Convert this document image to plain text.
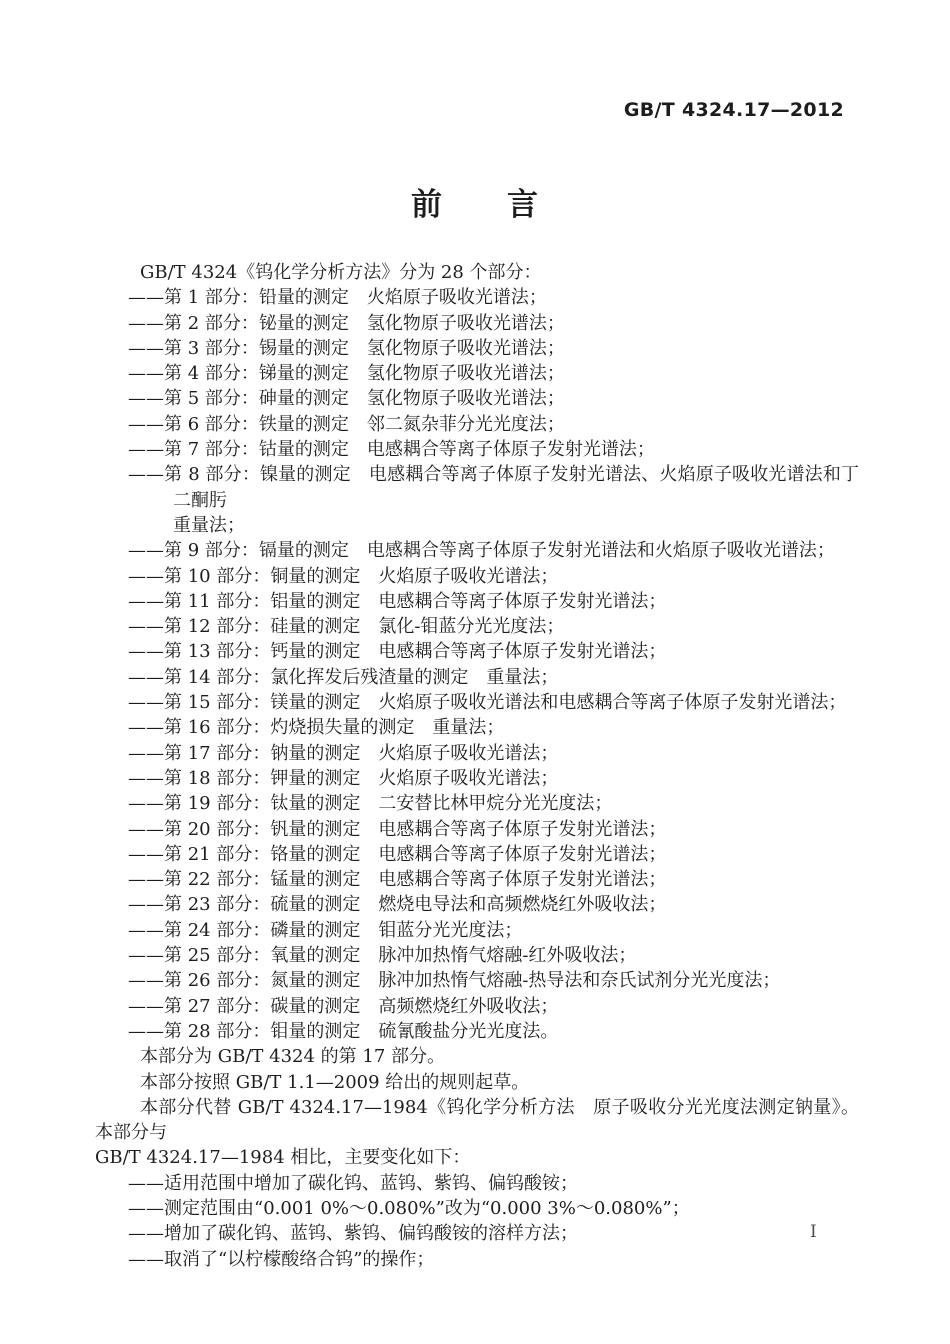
GB/T 4324.17—2012
前　　言

GB/T 4324《钨化学分析方法》分为 28 个部分：

——第 1 部分：铅量的测定　火焰原子吸收光谱法；
——第 2 部分：铋量的测定　氢化物原子吸收光谱法；
——第 3 部分：锡量的测定　氢化物原子吸收光谱法；
——第 4 部分：锑量的测定　氢化物原子吸收光谱法；
——第 5 部分：砷量的测定　氢化物原子吸收光谱法；
——第 6 部分：铁量的测定　邻二氮杂菲分光光度法；
——第 7 部分：钴量的测定　电感耦合等离子体原子发射光谱法；
——第 8 部分：镍量的测定　电感耦合等离子体原子发射光谱法、火焰原子吸收光谱法和丁二酮肟
重量法；
——第 9 部分：镉量的测定　电感耦合等离子体原子发射光谱法和火焰原子吸收光谱法；
——第 10 部分：铜量的测定　火焰原子吸收光谱法；
——第 11 部分：铝量的测定　电感耦合等离子体原子发射光谱法；
——第 12 部分：硅量的测定　氯化-钼蓝分光光度法；
——第 13 部分：钙量的测定　电感耦合等离子体原子发射光谱法；
——第 14 部分：氯化挥发后残渣量的测定　重量法；
——第 15 部分：镁量的测定　火焰原子吸收光谱法和电感耦合等离子体原子发射光谱法；
——第 16 部分：灼烧损失量的测定　重量法；
——第 17 部分：钠量的测定　火焰原子吸收光谱法；
——第 18 部分：钾量的测定　火焰原子吸收光谱法；
——第 19 部分：钛量的测定　二安替比林甲烷分光光度法；
——第 20 部分：钒量的测定　电感耦合等离子体原子发射光谱法；
——第 21 部分：铬量的测定　电感耦合等离子体原子发射光谱法；
——第 22 部分：锰量的测定　电感耦合等离子体原子发射光谱法；
——第 23 部分：硫量的测定　燃烧电导法和高频燃烧红外吸收法；
——第 24 部分：磷量的测定　钼蓝分光光度法；
——第 25 部分：氧量的测定　脉冲加热惰气熔融-红外吸收法；
——第 26 部分：氮量的测定　脉冲加热惰气熔融-热导法和奈氏试剂分光光度法；
——第 27 部分：碳量的测定　高频燃烧红外吸收法；
——第 28 部分：钼量的测定　硫氰酸盐分光光度法。

本部分为 GB/T 4324 的第 17 部分。

本部分按照 GB/T 1.1—2009 给出的规则起草。

本部分代替 GB/T 4324.17—1984《钨化学分析方法　原子吸收分光光度法测定钠量》。本部分与

GB/T 4324.17—1984 相比，主要变化如下：

——适用范围中增加了碳化钨、蓝钨、紫钨、偏钨酸铵；
——测定范围由“0.001 0%～0.080%”改为“0.000 3%～0.080%”；
——增加了碳化钨、蓝钨、紫钨、偏钨酸铵的溶样方法；
——取消了“以柠檬酸络合钨”的操作；
I
